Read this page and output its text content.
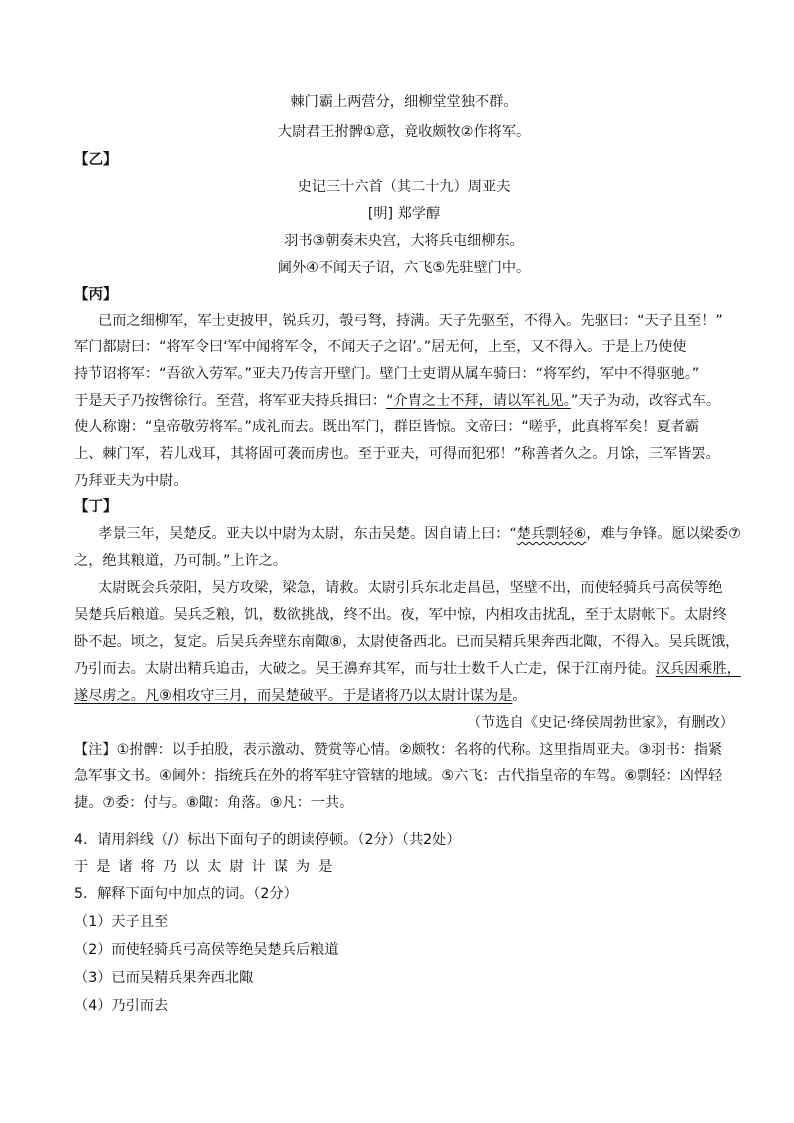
棘门霸上两营分，细柳堂堂独不群。
大尉君王拊髀①意，竟收颇牧②作将军。
【乙】
史记三十六首（其二十九）周亚夫
[明] 郑学醇
羽书③朝奏未央宫，大将兵屯细柳东。
阃外④不闻天子诏，六飞⑤先驻壁门中。
【丙】
已而之细柳军，军士吏披甲，锐兵刃，彀弓弩，持满。天子先驱至，不得入。先驱曰：“天子且至！”
军门都尉曰：“将军令曰‘军中闻将军令，不闻天子之诏’。”居无何，上至，又不得入。于是上乃使使
持节诏将军：“吾欲入劳军。”亚夫乃传言开壁门。壁门士吏谓从属车骑曰：“将军约，军中不得驱驰。”
于是天子乃按辔徐行。至营，将军亚夫持兵揖曰：“介胄之士不拜，请以军礼见。”天子为动，改容式车。
使人称谢：“皇帝敬劳将军。”成礼而去。既出军门，群臣皆惊。文帝曰：“嗟乎，此真将军矣！夏者霸
上、棘门军，若儿戏耳，其将固可袭而虏也。至于亚夫，可得而犯邪！”称善者久之。月馀，三军皆罢。
乃拜亚夫为中尉。
【丁】
孝景三年，吴楚反。亚夫以中尉为太尉，东击吴楚。因自请上曰：“楚兵剽轻⑥，难与争锋。愿以梁委⑦
之，绝其粮道，乃可制。”上许之。
太尉既会兵荥阳，吴方攻梁，梁急，请救。太尉引兵东北走昌邑，坚壁不出，而使轻骑兵弓高侯等绝
吴楚兵后粮道。吴兵乏粮，饥，数欲挑战，终不出。夜，军中惊，内相攻击扰乱，至于太尉帐下。太尉终
卧不起。顷之，复定。后吴兵奔壁东南陬⑧，太尉使备西北。已而吴精兵果奔西北陬，不得入。吴兵既饿，
乃引而去。太尉出精兵追击，大破之。吴王濞弃其军，而与壮士数千人亡走，保于江南丹徒。汉兵因乘胜，
遂尽虏之。凡⑨相攻守三月，而吴楚破平。于是诸将乃以太尉计谋为是。
（节选自《史记·绛侯周勃世家》，有删改）
【注】①拊髀：以手拍股，表示激动、赞赏等心情。②颇牧：名将的代称。这里指周亚夫。③羽书：指紧
急军事文书。④阃外：指统兵在外的将军驻守管辖的地域。⑤六飞：古代指皇帝的车驾。⑥剽轻：凶悍轻
捷。⑦委：付与。⑧陬：角落。⑨凡：一共。
4．请用斜线（/）标出下面句子的朗读停顿。（2分）（共2处）
于是诸将乃以太尉计谋为是
5．解释下面句中加点的词。（2分）
（1）天子且至
（2）而使轻骑兵弓高侯等绝吴楚兵后粮道
（3）已而吴精兵果奔西北陬
（4）乃引而去
